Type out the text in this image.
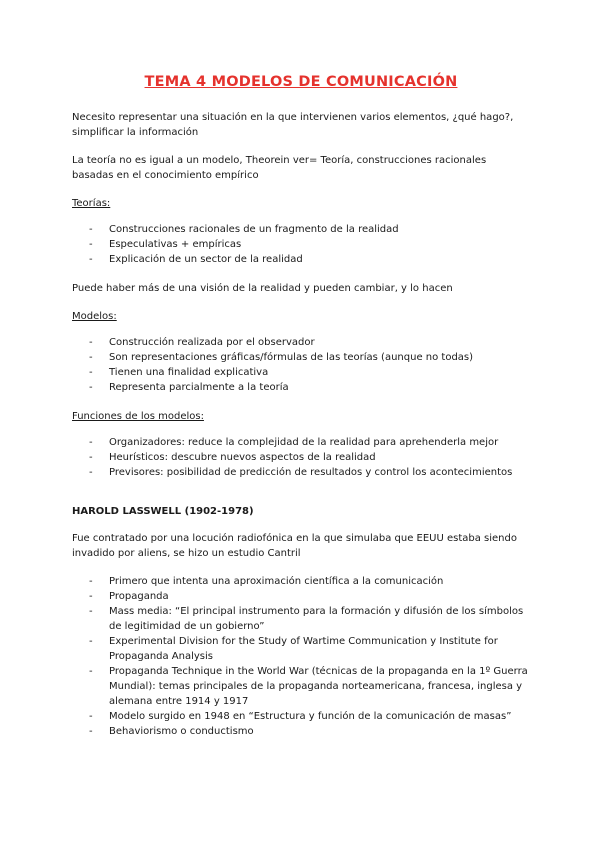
TEMA 4 MODELOS DE COMUNICACIÓN

Necesito representar una situación en la que intervienen varios elementos, ¿qué hago?, simplificar la información

La teoría no es igual a un modelo, Theorein ver= Teoría, construcciones racionales basadas en el conocimiento empírico

Teorías:

- Construcciones racionales de un fragmento de la realidad
- Especulativas + empíricas
- Explicación de un sector de la realidad

Puede haber más de una visión de la realidad y pueden cambiar, y lo hacen

Modelos:

- Construcción realizada por el observador
- Son representaciones gráficas/fórmulas de las teorías (aunque no todas)
- Tienen una finalidad explicativa
- Representa parcialmente a la teoría

Funciones de los modelos:

- Organizadores: reduce la complejidad de la realidad para aprehenderla mejor
- Heurísticos: descubre nuevos aspectos de la realidad
- Previsores: posibilidad de predicción de resultados y control los acontecimientos

HAROLD LASSWELL (1902-1978)

Fue contratado por una locución radiofónica en la que simulaba que EEUU estaba siendo invadido por aliens, se hizo un estudio Cantril

- Primero que intenta una aproximación científica a la comunicación
- Propaganda
- Mass media: “El principal instrumento para la formación y difusión de los símbolos de legitimidad de un gobierno”
- Experimental Division for the Study of Wartime Communication y Institute for Propaganda Analysis
- Propaganda Technique in the World War (técnicas de la propaganda en la 1º Guerra Mundial): temas principales de la propaganda norteamericana, francesa, inglesa y alemana entre 1914 y 1917
- Modelo surgido en 1948 en “Estructura y función de la comunicación de masas”
- Behaviorismo o conductismo
